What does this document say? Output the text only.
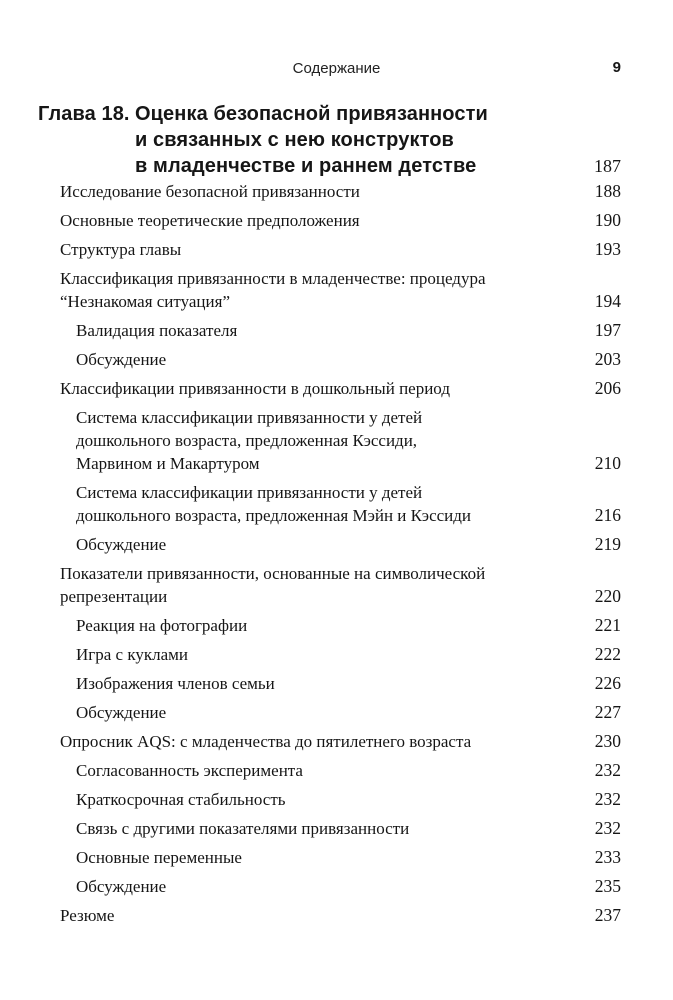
Содержание	9
Глава 18. Оценка безопасной привязанности
и связанных с нею конструктов
в младенчестве и раннем детстве	187
Исследование безопасной привязанности	188
Основные теоретические предположения	190
Структура главы	193
Классификация привязанности в младенчестве: процедура
“Незнакомая ситуация”	194
Валидация показателя	197
Обсуждение	203
Классификации привязанности в дошкольный период	206
Система классификации привязанности у детей
дошкольного возраста, предложенная Кэссиди,
Марвином и Макартуром	210
Система классификации привязанности у детей
дошкольного возраста, предложенная Мэйн и Кэссиди	216
Обсуждение	219
Показатели привязанности, основанные на символической
репрезентации	220
Реакция на фотографии	221
Игра с куклами	222
Изображения членов семьи	226
Обсуждение	227
Опросник AQS: с младенчества до пятилетнего возраста	230
Согласованность эксперимента	232
Краткосрочная стабильность	232
Связь с другими показателями привязанности	232
Основные переменные	233
Обсуждение	235
Резюме	237
